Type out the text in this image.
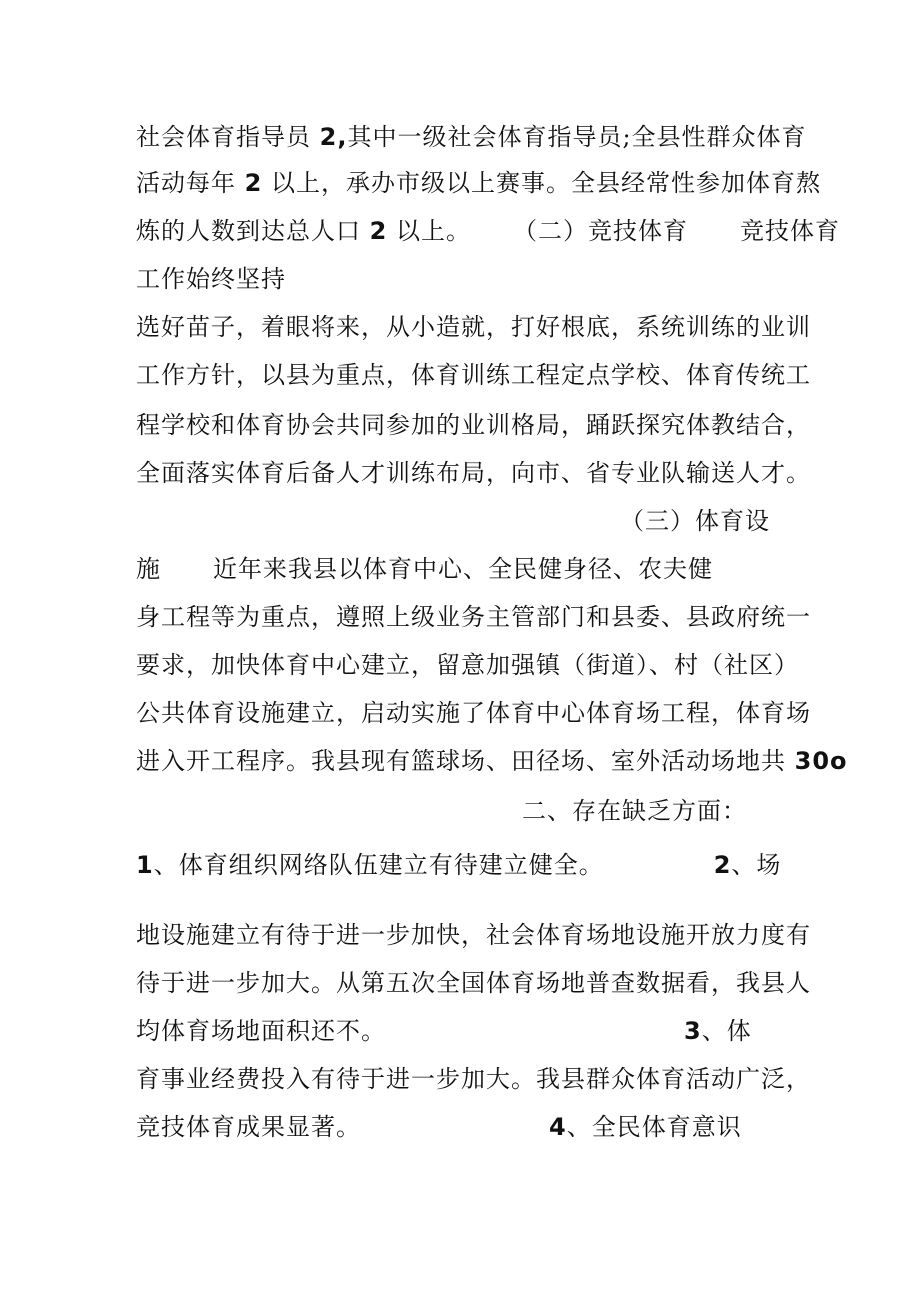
社会体育指导员 2,其中一级社会体育指导员;全县性群众体育
活动每年 2 以上，承办市级以上赛事。全县经常性参加体育熬
炼的人数到达总人口 2 以上。 （二）竞技体育 竞技体育
工作始终坚持
选好苗子，着眼将来，从小造就，打好根底，系统训练的业训
工作方针，以县为重点，体育训练工程定点学校、体育传统工
程学校和体育协会共同参加的业训格局，踊跃探究体教结合，
全面落实体育后备人才训练布局，向市、省专业队输送人才。
（三）体育设
施 近年来我县以体育中心、全民健身径、农夫健
身工程等为重点，遵照上级业务主管部门和县委、县政府统一
要求，加快体育中心建立，留意加强镇（街道）、村（社区）
公共体育设施建立，启动实施了体育中心体育场工程，体育场
进入开工程序。我县现有篮球场、田径场、室外活动场地共 30o
二、存在缺乏方面：
1、体育组织网络队伍建立有待建立健全。	2、场
地设施建立有待于进一步加快，社会体育场地设施开放力度有
待于进一步加大。从第五次全国体育场地普查数据看，我县人
均体育场地面积还不。	3、体
育事业经费投入有待于进一步加大。我县群众体育活动广泛，
竞技体育成果显著。	4、全民体育意识
